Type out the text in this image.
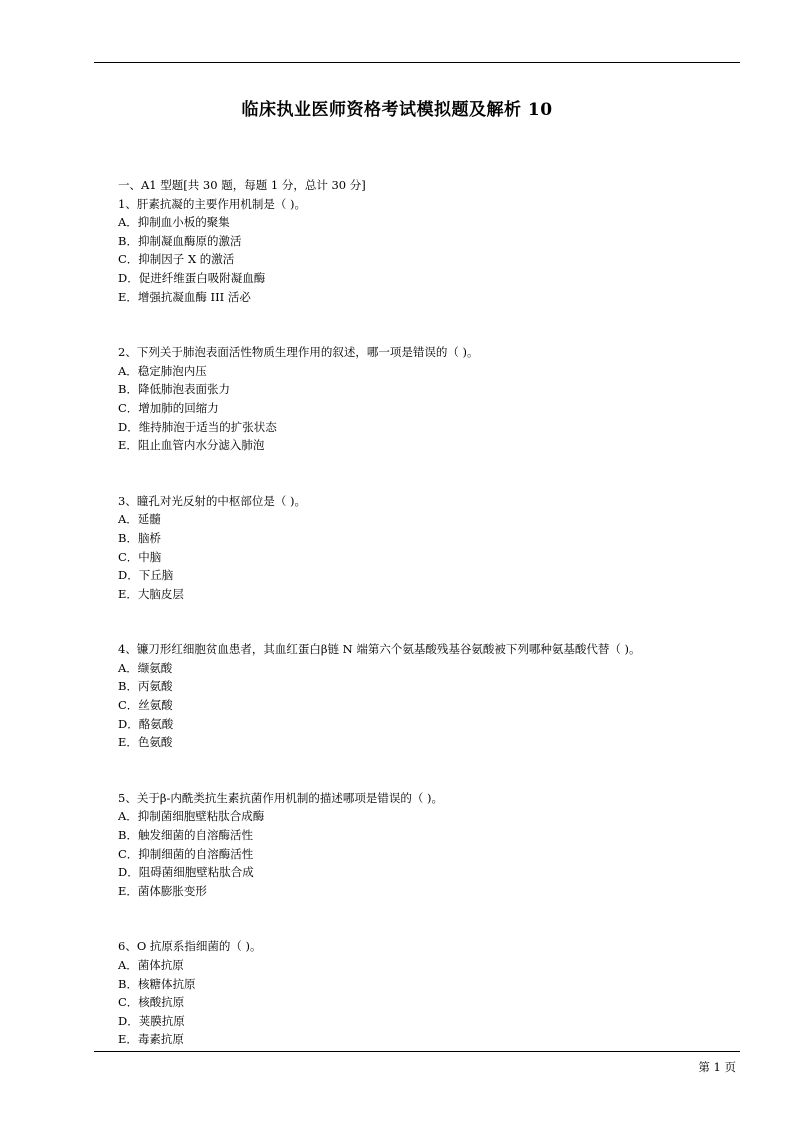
临床执业医师资格考试模拟题及解析 10
一、A1 型题[共 30 题，每题 1 分，总计 30 分]
1、肝素抗凝的主要作用机制是（ )。
A．抑制血小板的聚集
B．抑制凝血酶原的激活
C．抑制因子 X 的激活
D．促进纤维蛋白吸附凝血酶
E．增强抗凝血酶 III 活必
2、下列关于肺泡表面活性物质生理作用的叙述，哪一项是错误的（ )。
A．稳定肺泡内压
B．降低肺泡表面张力
C．增加肺的回缩力
D．维持肺泡于适当的扩张状态
E．阻止血管内水分滤入肺泡
3、瞳孔对光反射的中枢部位是（ )。
A．延髓
B．脑桥
C．中脑
D．下丘脑
E．大脑皮层
4、镰刀形红细胞贫血患者，其血红蛋白β链 N 端第六个氨基酸残基谷氨酸被下列哪种氨基酸代替（ )。
A．缬氨酸
B．丙氨酸
C．丝氨酸
D．酪氨酸
E．色氨酸
5、关于β-内酰类抗生素抗菌作用机制的描述哪项是错误的（ )。
A．抑制菌细胞壁粘肽合成酶
B．触发细菌的自溶酶活性
C．抑制细菌的自溶酶活性
D．阻碍菌细胞壁粘肽合成
E．菌体膨胀变形
6、O 抗原系指细菌的（ )。
A．菌体抗原
B．核糖体抗原
C．核酸抗原
D．荚膜抗原
E．毒素抗原
第 1 页
